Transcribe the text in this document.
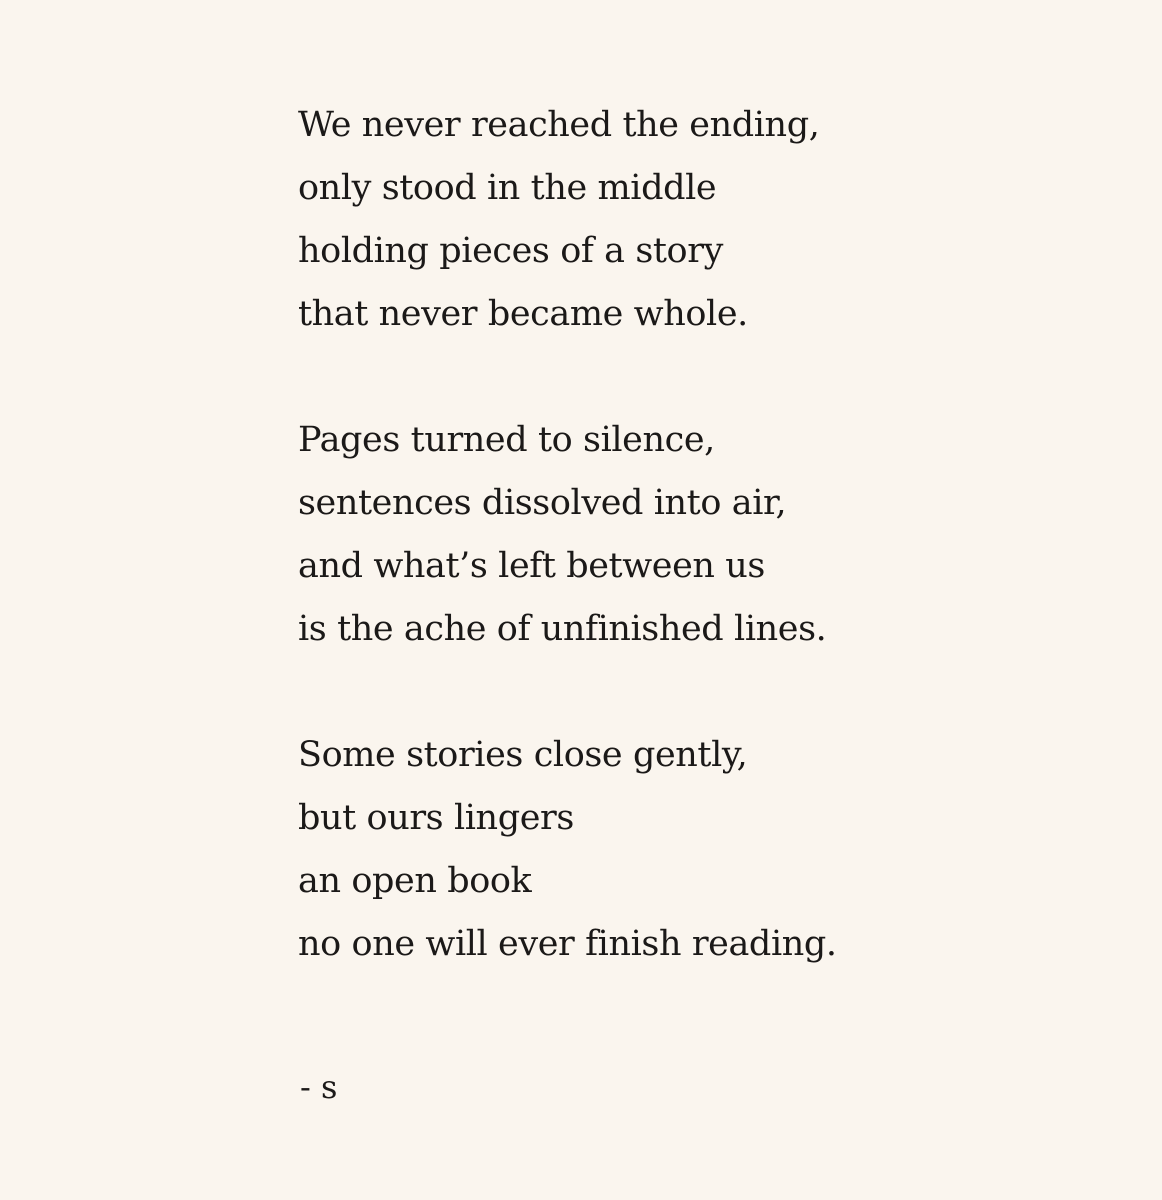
We never reached the ending,
only stood in the middle
holding pieces of a story
that never became whole.
Pages turned to silence,
sentences dissolved into air,
and what’s left between us
is the ache of unfinished lines.
Some stories close gently,
but ours lingers
an open book
no one will ever finish reading.
- s
